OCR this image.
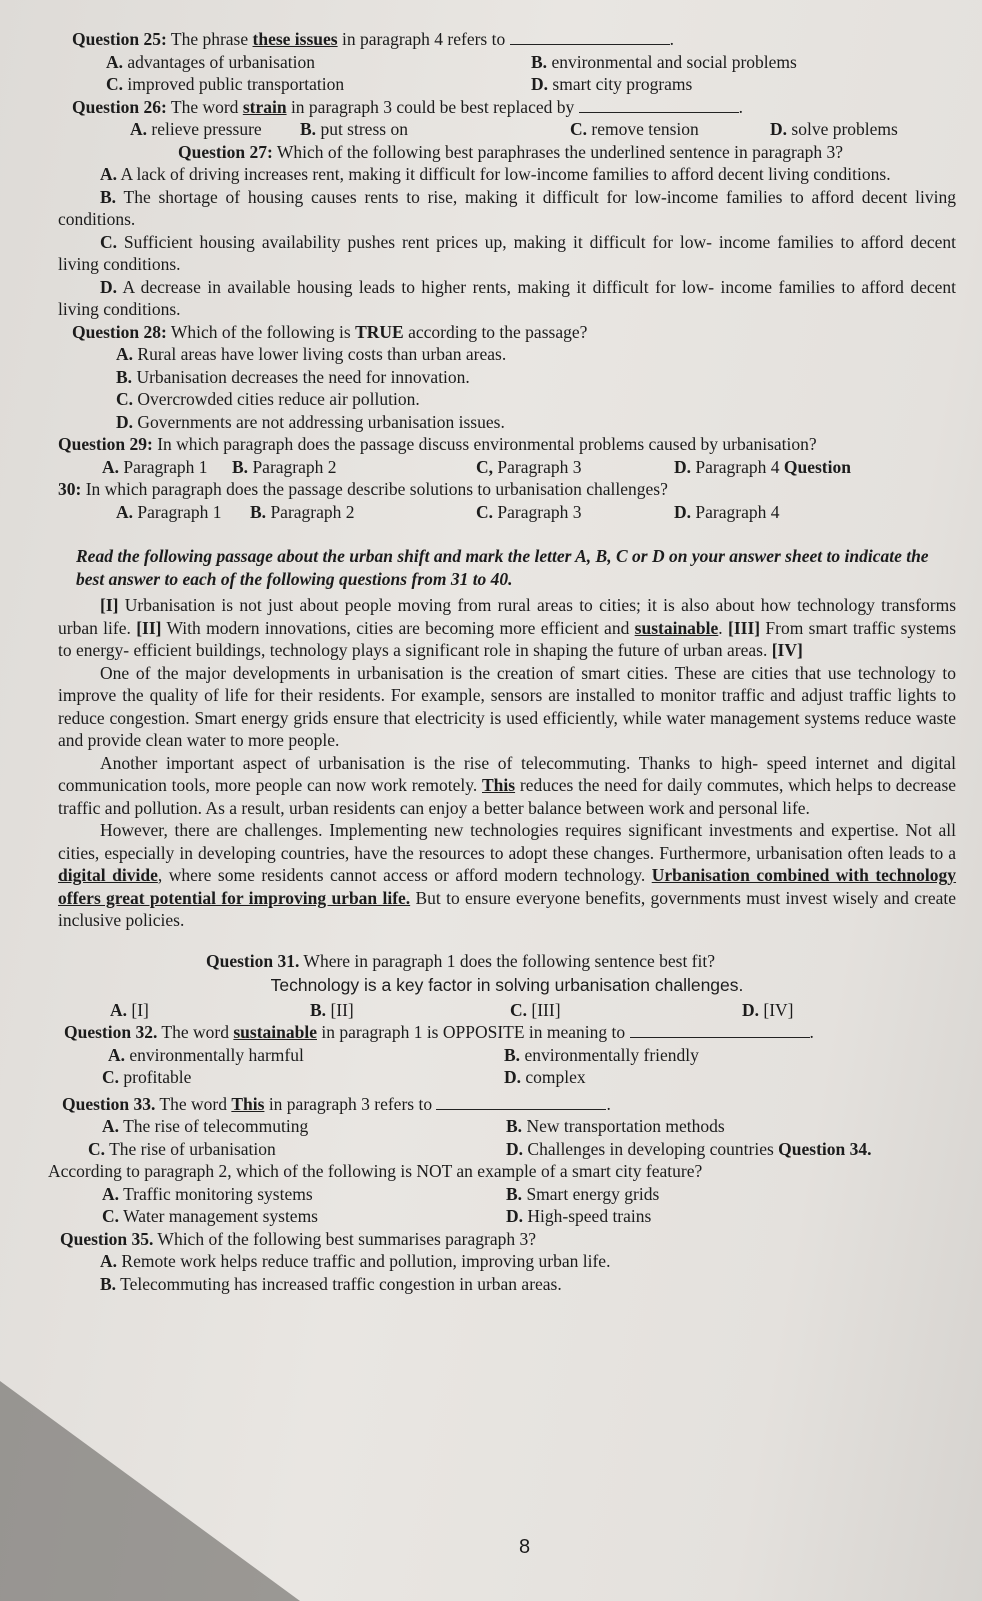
Question 25: The phrase these issues in paragraph 4 refers to	.

A. advantages of urbanisation	B. environmental and social problems
C. improved public transportation	D. smart city programs

Question 26: The word strain in paragraph 3 could be best replaced by	.

A. relieve pressure	B. put stress on	C. remove tension	D. solve problems

Question 27: Which of the following best paraphrases the underlined sentence in paragraph 3?

A. A lack of driving increases rent, making it difficult for low-income families to afford decent living conditions.

B. The shortage of housing causes rents to rise, making it difficult for low-income families to afford decent living conditions.

C. Sufficient housing availability pushes rent prices up, making it difficult for low- income families to afford decent living conditions.

D. A decrease in available housing leads to higher rents, making it difficult for low- income families to afford decent living conditions.

Question 28: Which of the following is TRUE according to the passage?

A. Rural areas have lower living costs than urban areas.
B. Urbanisation decreases the need for innovation.
C. Overcrowded cities reduce air pollution.
D. Governments are not addressing urbanisation issues.

Question 29: In which paragraph does the passage discuss environmental problems caused by urbanisation?

A. Paragraph 1	B. Paragraph 2	C, Paragraph 3	D. Paragraph 4 Question

30: In which paragraph does the passage describe solutions to urbanisation challenges?

A. Paragraph 1	B. Paragraph 2	C. Paragraph 3	D. Paragraph 4

Read the following passage about the urban shift and mark the letter A, B, C or D on your answer sheet to indicate the best answer to each of the following questions from 31 to 40.

[I] Urbanisation is not just about people moving from rural areas to cities; it is also about how technology transforms urban life. [II] With modern innovations, cities are becoming more efficient and sustainable. [III] From smart traffic systems to energy- efficient buildings, technology plays a significant role in shaping the future of urban areas. [IV]

One of the major developments in urbanisation is the creation of smart cities. These are cities that use technology to improve the quality of life for their residents. For example, sensors are installed to monitor traffic and adjust traffic lights to reduce congestion. Smart energy grids ensure that electricity is used efficiently, while water management systems reduce waste and provide clean water to more people.

Another important aspect of urbanisation is the rise of telecommuting. Thanks to high- speed internet and digital communication tools, more people can now work remotely. This reduces the need for daily commutes, which helps to decrease traffic and pollution. As a result, urban residents can enjoy a better balance between work and personal life.

However, there are challenges. Implementing new technologies requires significant investments and expertise. Not all cities, especially in developing countries, have the resources to adopt these changes. Furthermore, urbanisation often leads to a digital divide, where some residents cannot access or afford modern technology. Urbanisation combined with technology offers great potential for improving urban life. But to ensure everyone benefits, governments must invest wisely and create inclusive policies.

Question 31. Where in paragraph 1 does the following sentence best fit?

Technology is a key factor in solving urbanisation challenges.

A. [I]	B. [II]	C. [III]	D. [IV]

Question 32. The word sustainable in paragraph 1 is OPPOSITE in meaning to	.

A. environmentally harmful	B. environmentally friendly
C. profitable	D. complex

Question 33. The word This in paragraph 3 refers to	.

A. The rise of telecommuting	B. New transportation methods
C. The rise of urbanisation	D. Challenges in developing countries Question 34.

According to paragraph 2, which of the following is NOT an example of a smart city feature?

A. Traffic monitoring systems	B. Smart energy grids
C. Water management systems	D. High-speed trains

Question 35. Which of the following best summarises paragraph 3?

A. Remote work helps reduce traffic and pollution, improving urban life.
B. Telecommuting has increased traffic congestion in urban areas.
8
